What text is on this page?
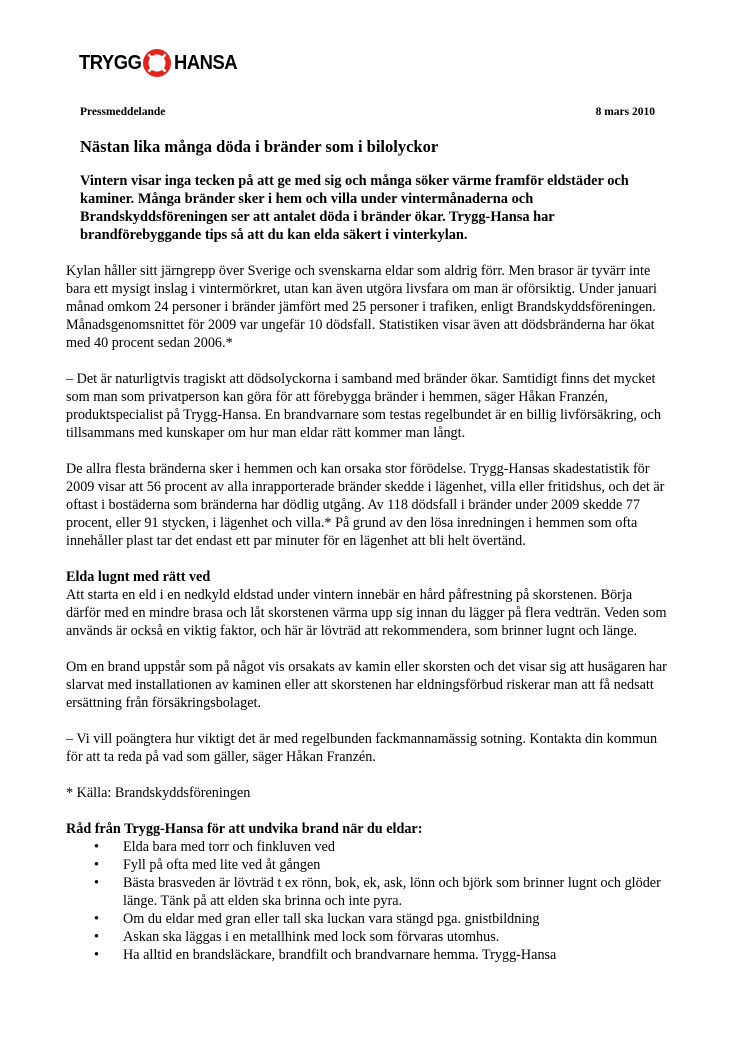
TRYGG HANSA
Pressmeddelande	8 mars 2010
Nästan lika många döda i bränder som i bilolyckor

Vintern visar inga tecken på att ge med sig och många söker värme framför eldstäder och kaminer. Många bränder sker i hem och villa under vintermånaderna och Brandskyddsföreningen ser att antalet döda i bränder ökar. Trygg-Hansa har brandförebyggande tips så att du kan elda säkert i vinterkylan.

Kylan håller sitt järngrepp över Sverige och svenskarna eldar som aldrig förr. Men brasor är tyvärr inte bara ett mysigt inslag i vintermörkret, utan kan även utgöra livsfara om man är oförsiktig. Under januari månad omkom 24 personer i bränder jämfört med 25 personer i trafiken, enligt Brandskyddsföreningen. Månadsgenomsnittet för 2009 var ungefär 10 dödsfall. Statistiken visar även att dödsbränderna har ökat med 40 procent sedan 2006.*

– Det är naturligtvis tragiskt att dödsolyckorna i samband med bränder ökar. Samtidigt finns det mycket som man som privatperson kan göra för att förebygga bränder i hemmen, säger Håkan Franzén, produktspecialist på Trygg-Hansa. En brandvarnare som testas regelbundet är en billig livförsäkring, och tillsammans med kunskaper om hur man eldar rätt kommer man långt.

De allra flesta bränderna sker i hemmen och kan orsaka stor förödelse. Trygg-Hansas skadestatistik för 2009 visar att 56 procent av alla inrapporterade bränder skedde i lägenhet, villa eller fritidshus, och det är oftast i bostäderna som bränderna har dödlig utgång. Av 118 dödsfall i bränder under 2009 skedde 77 procent, eller 91 stycken, i lägenhet och villa.* På grund av den lösa inredningen i hemmen som ofta innehåller plast tar det endast ett par minuter för en lägenhet att bli helt övertänd.

Elda lugnt med rätt ved

Att starta en eld i en nedkyld eldstad under vintern innebär en hård påfrestning på skorstenen. Börja därför med en mindre brasa och låt skorstenen värma upp sig innan du lägger på flera vedträn. Veden som används är också en viktig faktor, och här är lövträd att rekommendera, som brinner lugnt och länge.

Om en brand uppstår som på något vis orsakats av kamin eller skorsten och det visar sig att husägaren har slarvat med installationen av kaminen eller att skorstenen har eldningsförbud riskerar man att få nedsatt ersättning från försäkringsbolaget.

– Vi vill poängtera hur viktigt det är med regelbunden fackmannamässig sotning. Kontakta din kommun för att ta reda på vad som gäller, säger Håkan Franzén.

* Källa: Brandskyddsföreningen

Råd från Trygg-Hansa för att undvika brand när du eldar:
• Elda bara med torr och finkluven ved
• Fyll på ofta med lite ved åt gången
• Bästa brasveden är lövträd t ex rönn, bok, ek, ask, lönn och björk som brinner lugnt och glöder länge. Tänk på att elden ska brinna och inte pyra.
• Om du eldar med gran eller tall ska luckan vara stängd pga. gnistbildning
• Askan ska läggas i en metallhink med lock som förvaras utomhus.
• Ha alltid en brandsläckare, brandfilt och brandvarnare hemma. Trygg-Hansa
